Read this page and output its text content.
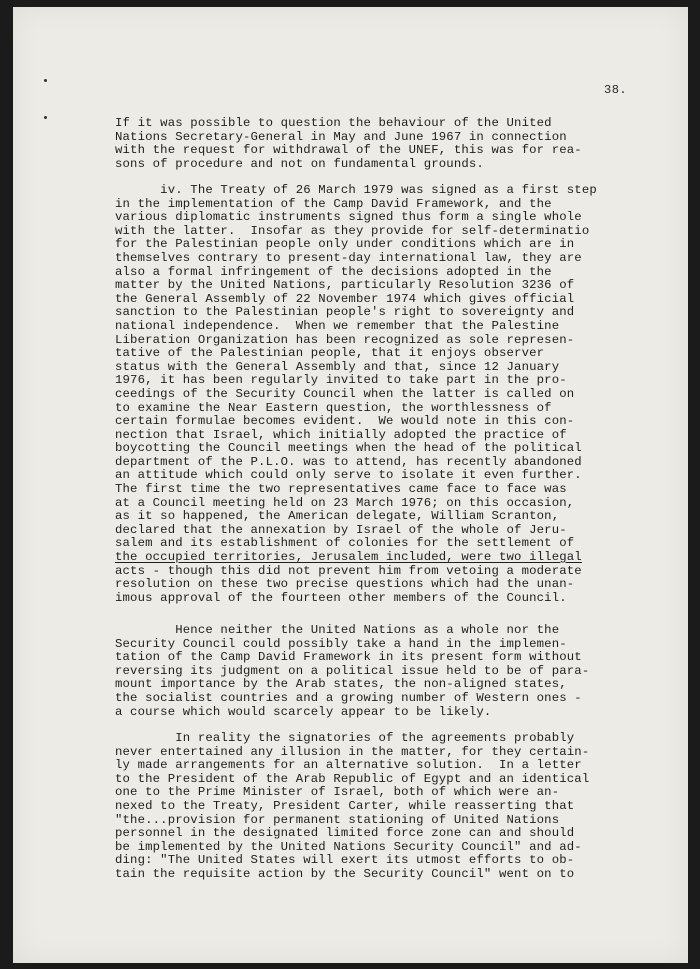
38.
If it was possible to question the behaviour of the United
Nations Secretary-General in May and June 1967 in connection
with the request for withdrawal of the UNEF, this was for rea-
sons of procedure and not on fundamental grounds.
iv. The Treaty of 26 March 1979 was signed as a first step
in the implementation of the Camp David Framework, and the
various diplomatic instruments signed thus form a single whole
with the latter.  Insofar as they provide for self-determinatio
for the Palestinian people only under conditions which are in
themselves contrary to present-day international law, they are
also a formal infringement of the decisions adopted in the
matter by the United Nations, particularly Resolution 3236 of
the General Assembly of 22 November 1974 which gives official
sanction to the Palestinian people's right to sovereignty and
national independence.  When we remember that the Palestine
Liberation Organization has been recognized as sole represen-
tative of the Palestinian people, that it enjoys observer
status with the General Assembly and that, since 12 January
1976, it has been regularly invited to take part in the pro-
ceedings of the Security Council when the latter is called on
to examine the Near Eastern question, the worthlessness of
certain formulae becomes evident.  We would note in this con-
nection that Israel, which initially adopted the practice of
boycotting the Council meetings when the head of the political
department of the P.L.O. was to attend, has recently abandoned
an attitude which could only serve to isolate it even further.
The first time the two representatives came face to face was
at a Council meeting held on 23 March 1976; on this occasion,
as it so happened, the American delegate, William Scranton,
declared that the annexation by Israel of the whole of Jeru-
salem and its establishment of colonies for the settlement of
the occupied territories, Jerusalem included, were two illegal
acts - though this did not prevent him from vetoing a moderate
resolution on these two precise questions which had the unan-
imous approval of the fourteen other members of the Council.
Hence neither the United Nations as a whole nor the
Security Council could possibly take a hand in the implemen-
tation of the Camp David Framework in its present form without
reversing its judgment on a political issue held to be of para-
mount importance by the Arab states, the non-aligned states,
the socialist countries and a growing number of Western ones -
a course which would scarcely appear to be likely.
In reality the signatories of the agreements probably
never entertained any illusion in the matter, for they certain-
ly made arrangements for an alternative solution.  In a letter
to the President of the Arab Republic of Egypt and an identical
one to the Prime Minister of Israel, both of which were an-
nexed to the Treaty, President Carter, while reasserting that
"the...provision for permanent stationing of United Nations
personnel in the designated limited force zone can and should
be implemented by the United Nations Security Council" and ad-
ding: "The United States will exert its utmost efforts to ob-
tain the requisite action by the Security Council" went on to
